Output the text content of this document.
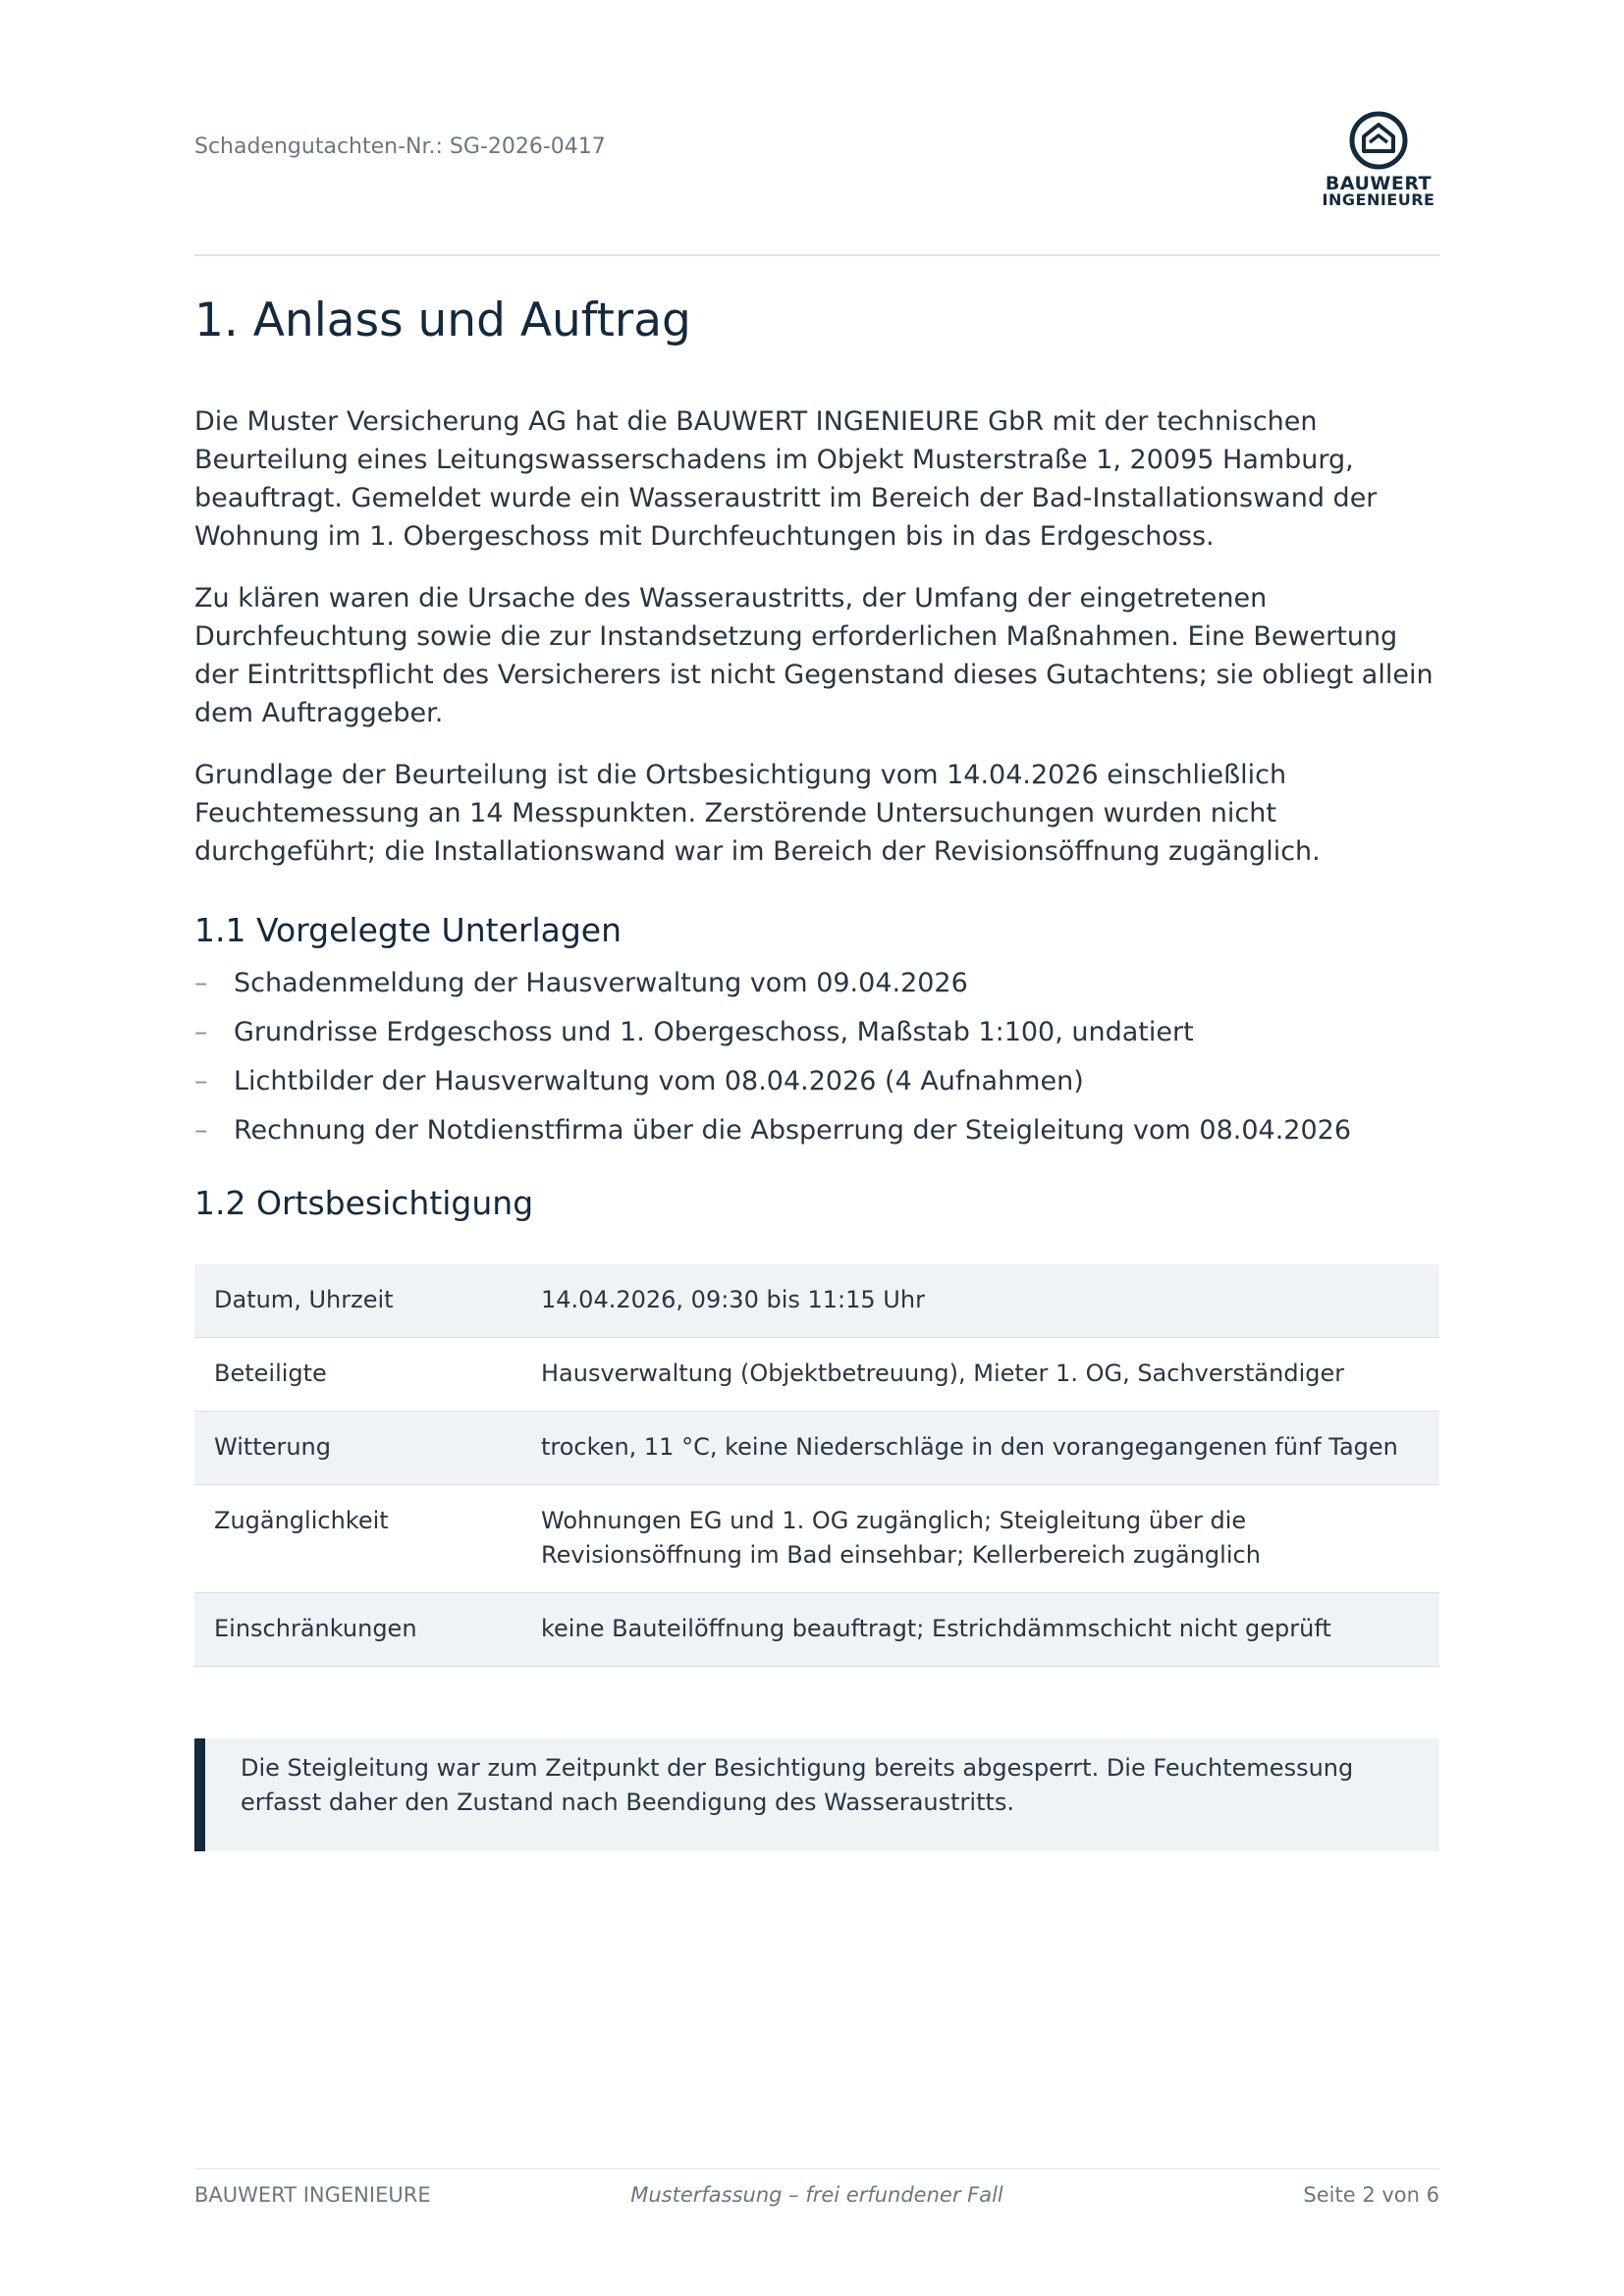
Schadengutachten-Nr.: SG-2026-0417
BAUWERT
INGENIEURE
1. Anlass und Auftrag

Die Muster Versicherung AG hat die BAUWERT INGENIEURE GbR mit der technischen Beurteilung eines Leitungswasserschadens im Objekt Musterstraße 1, 20095 Hamburg, beauftragt. Gemeldet wurde ein Wasseraustritt im Bereich der Bad-Installationswand der Wohnung im 1. Obergeschoss mit Durchfeuchtungen bis in das Erdgeschoss.

Zu klären waren die Ursache des Wasseraustritts, der Umfang der eingetretenen Durchfeuchtung sowie die zur Instandsetzung erforderlichen Maßnahmen. Eine Bewertung der Eintrittspflicht des Versicherers ist nicht Gegenstand dieses Gutachtens; sie obliegt allein dem Auftraggeber.

Grundlage der Beurteilung ist die Ortsbesichtigung vom 14.04.2026 einschließlich Feuchtemessung an 14 Messpunkten. Zerstörende Untersuchungen wurden nicht durchgeführt; die Installationswand war im Bereich der Revisionsöffnung zugänglich.

1.1 Vorgelegte Unterlagen
– Schadenmeldung der Hausverwaltung vom 09.04.2026
– Grundrisse Erdgeschoss und 1. Obergeschoss, Maßstab 1:100, undatiert
– Lichtbilder der Hausverwaltung vom 08.04.2026 (4 Aufnahmen)
– Rechnung der Notdienstfirma über die Absperrung der Steigleitung vom 08.04.2026
1.2 Ortsbesichtigung
Datum, Uhrzeit	14.04.2026, 09:30 bis 11:15 Uhr
Beteiligte	Hausverwaltung (Objektbetreuung), Mieter 1. OG, Sachverständiger
Witterung	trocken, 11 °C, keine Niederschläge in den vorangegangenen fünf Tagen
Zugänglichkeit	Wohnungen EG und 1. OG zugänglich; Steigleitung über die Revisionsöffnung im Bad einsehbar; Kellerbereich zugänglich
Einschränkungen	keine Bauteilöffnung beauftragt; Estrichdämmschicht nicht geprüft
Die Steigleitung war zum Zeitpunkt der Besichtigung bereits abgesperrt. Die Feuchtemessung erfasst daher den Zustand nach Beendigung des Wasseraustritts.
BAUWERT INGENIEURE	Musterfassung – frei erfundener Fall	Seite 2 von 6
